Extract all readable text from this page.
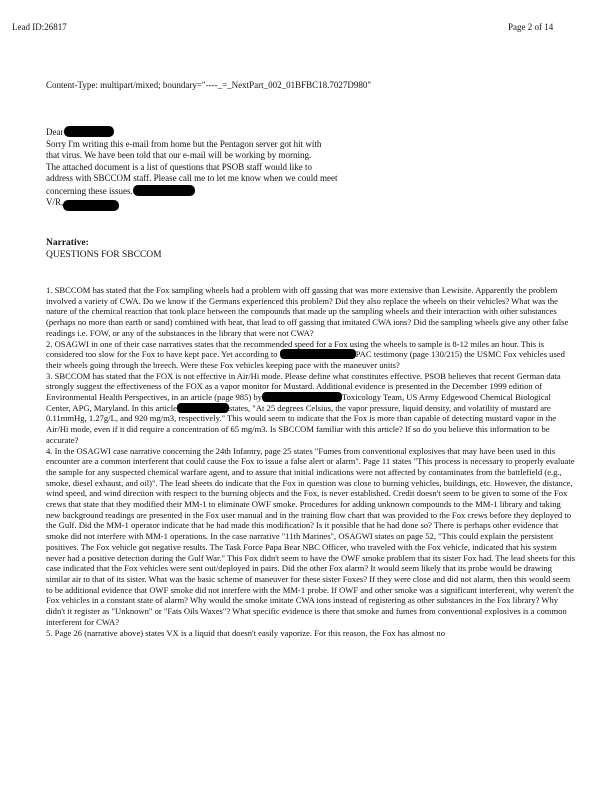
Lead ID:26817	Page 2 of 14
Content-Type: multipart/mixed; boundary="----_=_NextPart_002_01BFBC18.7027D980"

Dear

Sorry I'm writing this e-mail from home but the Pentagon server got hit with

that virus. We have been told that our e-mail will be working by morning.

The attached document is a list of questions that PSOB staff would like to

address with SBCCOM staff. Please call me to let me know when we could meet

concerning these issues.

V/R,

Narrative:
QUESTIONS FOR SBCCOM

1. SBCCOM has stated that the Fox sampling wheels had a problem with off gassing that was more extensive than Lewisite. Apparently the problem involved a variety of CWA. Do we know if the Germans experienced this problem? Did they also replace the wheels on their vehicles? What was the nature of the chemical reaction that took place between the compounds that made up the sampling wheels and their interaction with other substances (perhaps no more than earth or sand) combined with heat, that lead to off gassing that imitated CWA ions? Did the sampling wheels give any other false readings i.e. FOW, or any of the substances in the library that were not CWA?

2. OSAGWI in one of their case narratives states that the recommended speed for a Fox using the wheels to sample is 8-12 miles an hour. This is considered too slow for the Fox to have kept pace. Yet according to	PAC testimony (page 130/215) the USMC Fox vehicles used their wheels going through the breech. Were these Fox vehicles keeping pace with the maneuver units?

3. SBCCOM has stated that the FOX is not effective in Air/Hi mode. Please define what constitutes effective. PSOB believes that recent German data strongly suggest the effectiveness of the FOX as a vapor monitor for Mustard. Additional evidence is presented in the December 1999 edition of Environmental Health Perspectives, in an article (page 985) by	Toxicology Team, US Army Edgewood Chemical Biological Center, APG, Maryland. In this article	states, "At 25 degrees Celsius, the vapor pressure, liquid density, and volatility of mustard are 0.11mmHg, 1.27g/L, and 920 mg/m3, respectively." This would seem to indicate that the Fox is more than capable of detecting mustard vapor in the Air/Hi mode, even if it did require a concentration of 65 mg/m3. Is SBCCOM familiar with this article? If so do you believe this information to be accurate?

4. In the OSAGWI case narrative concerning the 24th Infantry, page 25 states "Fumes from conventional explosives that may have been used in this encounter are a common interferent that could cause the Fox to issue a false alert or alarm". Page 11 states "This process is necessary to properly evaluate the sample for any suspected chemical warfare agent, and to assure that initial indications were not affected by contaminates from the battlefield (e.g., smoke, diesel exhaust, and oil)". The lead sheets do indicate that the Fox in question was close to burning vehicles, buildings, etc. However, the distance, wind speed, and wind direction with respect to the burning objects and the Fox, is never established. Credit doesn't seem to be given to some of the Fox crews that state that they modified their MM-1 to eliminate OWF smoke. Procedures for adding unknown compounds to the MM-1 library and taking new background readings are presented in the Fox user manual and in the training flow chart that was provided to the Fox crews before they deployed to the Gulf. Did the MM-1 operator indicate that he had made this modification? Is it possible that he had done so? There is perhaps other evidence that smoke did not interfere with MM-1 operations. In the case narrative "11th Marines", OSAGWI states on page 52, "This could explain the persistent positives. The Fox vehicle got negative results. The Task Force Papa Bear NBC Officer, who traveled with the Fox vehicle, indicated that his system never had a positive detection during the Gulf War." This Fox didn't seem to have the OWF smoke problem that its sister Fox had. The lead sheets for this case indicated that the Fox vehicles were sent out/deployed in pairs. Did the other Fox alarm? It would seem likely that its probe would be drawing similar air to that of its sister. What was the basic scheme of maneuver for these sister Foxes? If they were close and did not alarm, then this would seem to be additional evidence that OWF smoke did not interfere with the MM-1 probe. If OWF and other smoke was a significant interferent, why weren't the Fox vehicles in a constant state of alarm? Why would the smoke imitate CWA ions instead of registering as other substances in the Fox library? Why didn't it register as "Unknown" or "Fats Oils Waxes"? What specific evidence is there that smoke and fumes from conventional explosives is a common interferent for CWA?

5. Page 26 (narrative above) states VX is a liquid that doesn't easily vaporize. For this reason, the Fox has almost no
